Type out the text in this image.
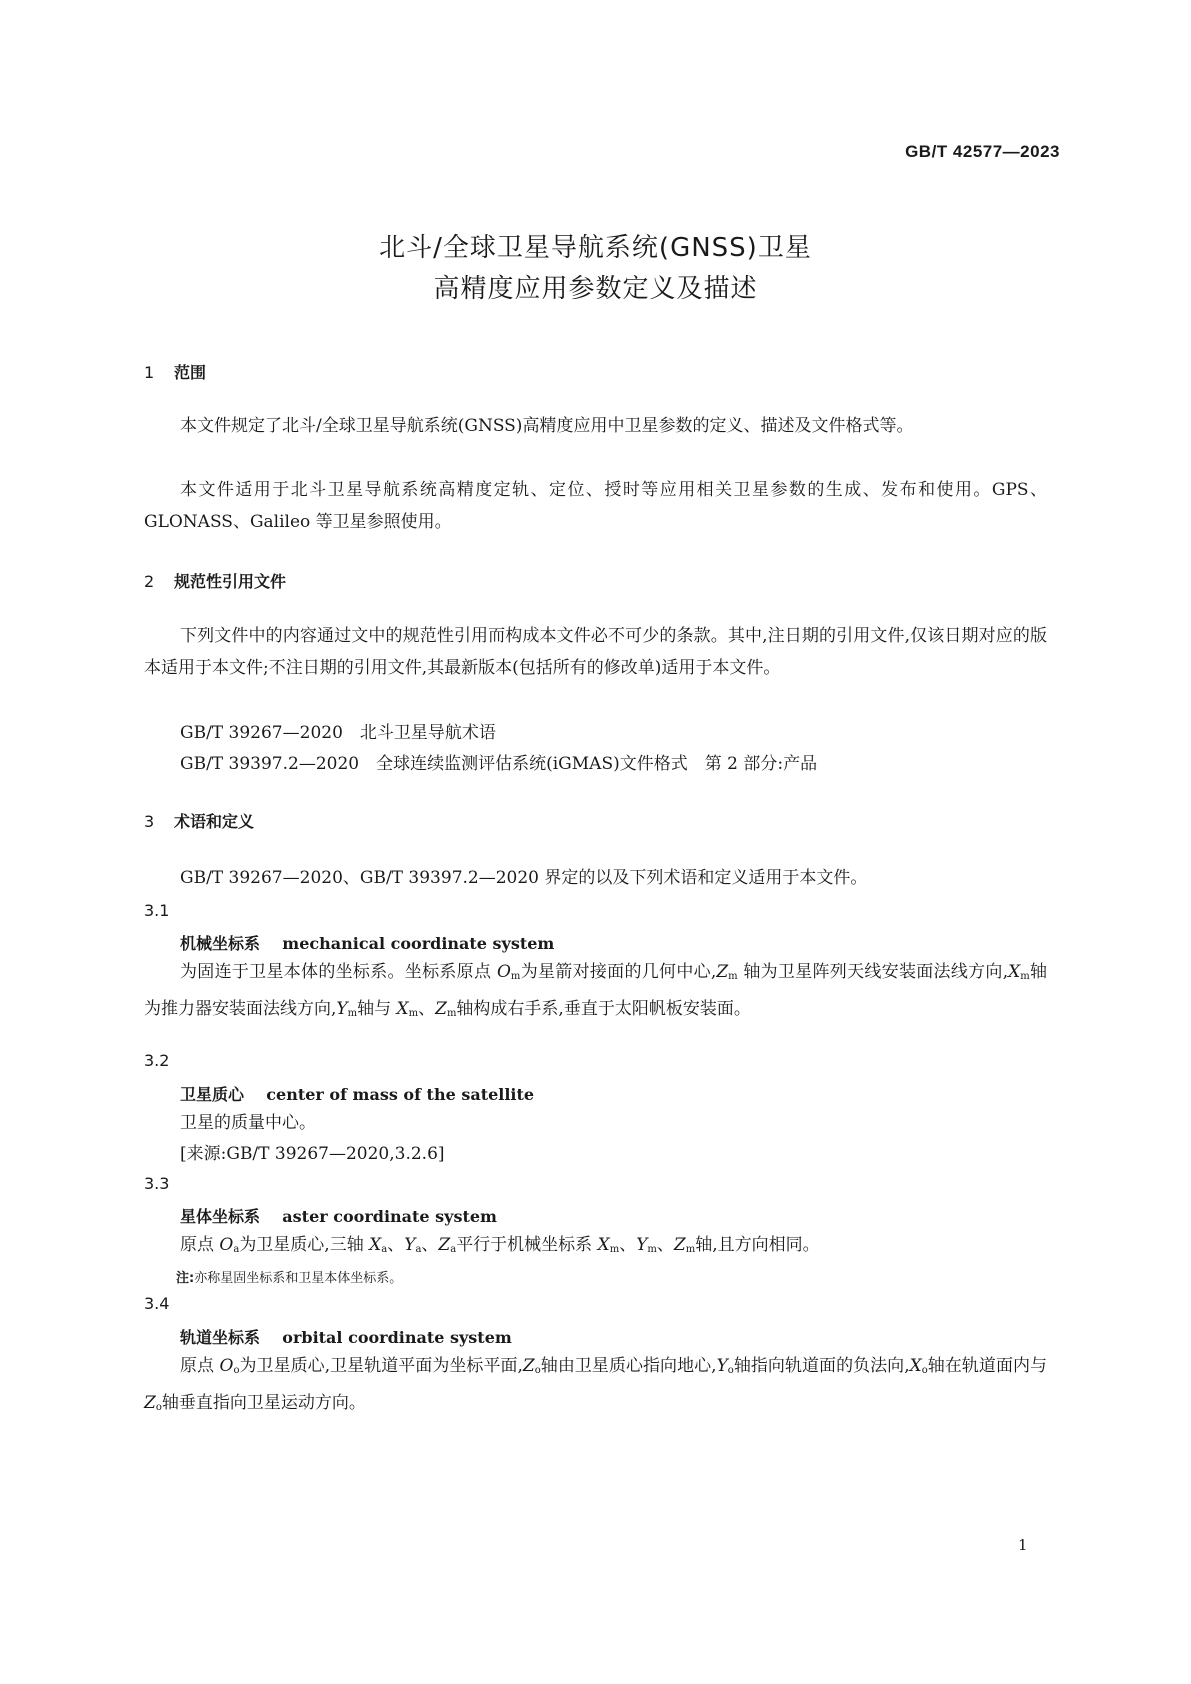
GB/T 42577—2023
北斗/全球卫星导航系统(GNSS)卫星
高精度应用参数定义及描述
1 范围

本文件规定了北斗/全球卫星导航系统(GNSS)高精度应用中卫星参数的定义、描述及文件格式等。

本文件适用于北斗卫星导航系统高精度定轨、定位、授时等应用相关卫星参数的生成、发布和使用。GPS、GLONASS、Galileo 等卫星参照使用。

2 规范性引用文件

下列文件中的内容通过文中的规范性引用而构成本文件必不可少的条款。其中,注日期的引用文件,仅该日期对应的版本适用于本文件;不注日期的引用文件,其最新版本(包括所有的修改单)适用于本文件。

GB/T 39267—2020　北斗卫星导航术语
GB/T 39397.2—2020　全球连续监测评估系统(iGMAS)文件格式　第 2 部分:产品
3 术语和定义

GB/T 39267—2020、GB/T 39397.2—2020 界定的以及下列术语和定义适用于本文件。

3.1
机械坐标系 mechanical coordinate system

为固连于卫星本体的坐标系。坐标系原点 $O_m$为星箭对接面的几何中心$,Z_m$ 轴为卫星阵列天线安装面法线方向$,X_m$轴为推力器安装面法线方向$,Y_m$轴与 $X_m$、$Z_m$轴构成右手系,垂直于太阳帆板安装面。

3.2
卫星质心 center of mass of the satellite

卫星的质量中心。

[来源:GB/T 39267—2020,3.2.6]

3.3
星体坐标系 aster coordinate system

原点 $O_a$为卫星质心,三轴 $X_a$、$Y_a$、$Z_a$平行于机械坐标系 $X_m$、$Y_m$、$Z_m$轴,且方向相同。

注:亦称星固坐标系和卫星本体坐标系。
3.4
轨道坐标系 orbital coordinate system

原点 $O_o$为卫星质心,卫星轨道平面为坐标平面$,Z_o$轴由卫星质心指向地心$,Y_o$轴指向轨道面的负法向$,X_o$轴在轨道面内与 $Z_o$轴垂直指向卫星运动方向。

1
